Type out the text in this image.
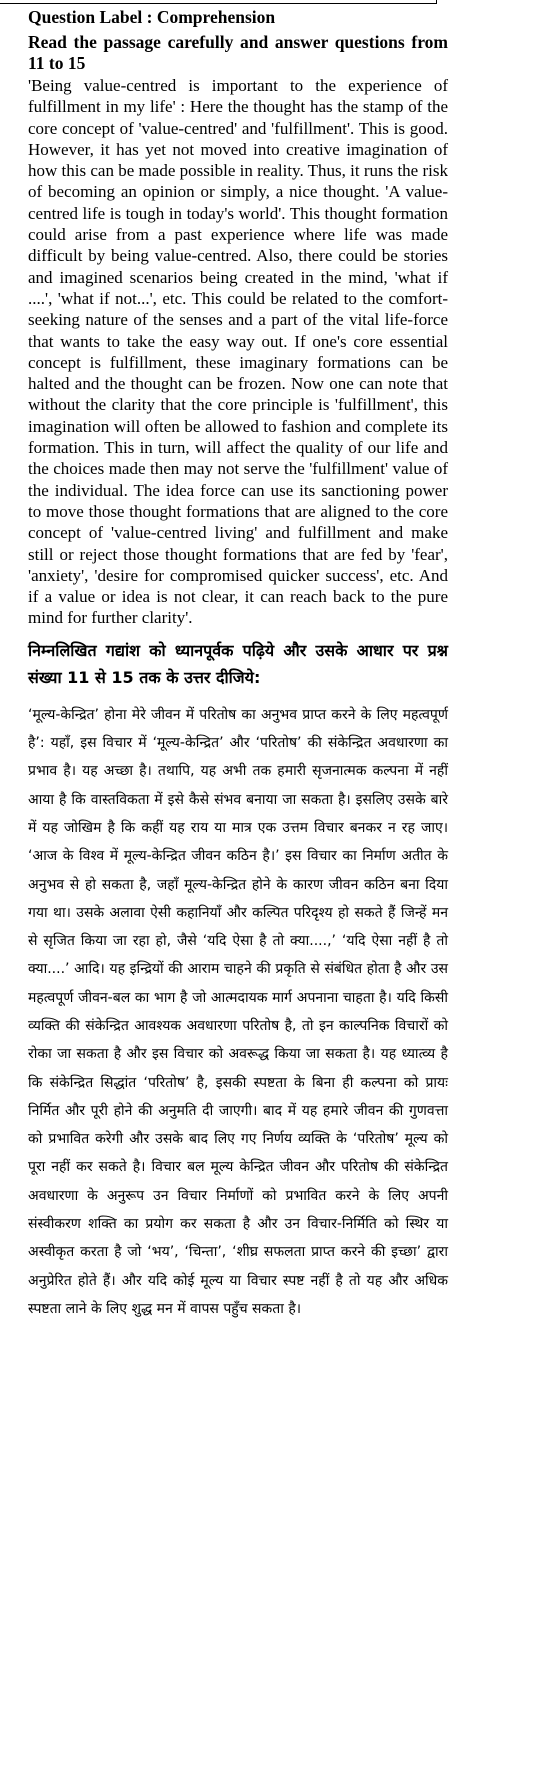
Question Label : Comprehension

Read the passage carefully and answer questions from 11 to 15

'Being value-centred is important to the experience of fulfillment in my life' : Here the thought has the stamp of the core concept of 'value-centred' and 'fulfillment'. This is good. However, it has yet not moved into creative imagination of how this can be made possible in reality. Thus, it runs the risk of becoming an opinion or simply, a nice thought. 'A value-centred life is tough in today's world'. This thought formation could arise from a past experience where life was made difficult by being value-centred. Also, there could be stories and imagined scenarios being created in the mind, 'what if ....', 'what if not...', etc. This could be related to the comfort-seeking nature of the senses and a part of the vital life-force that wants to take the easy way out. If one's core essential concept is fulfillment, these imaginary formations can be halted and the thought can be frozen. Now one can note that without the clarity that the core principle is 'fulfillment', this imagination will often be allowed to fashion and complete its formation. This in turn, will affect the quality of our life and the choices made then may not serve the 'fulfillment' value of the individual. The idea force can use its sanctioning power to move those thought formations that are aligned to the core concept of 'value-centred living' and fulfillment and make still or reject those thought formations that are fed by 'fear', 'anxiety', 'desire for compromised quicker success', etc. And if a value or idea is not clear, it can reach back to the pure mind for further clarity'.

निम्नलिखित गद्यांश को ध्यानपूर्वक पढ़िये और उसके आधार पर प्रश्न संख्या 11 से 15 तक के उत्तर दीजिये:

‘मूल्य-केन्द्रित’ होना मेरे जीवन में परितोष का अनुभव प्राप्त करने के लिए महत्वपूर्ण है’: यहाँ, इस विचार में ‘मूल्य-केन्द्रित’ और ‘परितोष’ की संकेन्द्रित अवधारणा का प्रभाव है। यह अच्छा है। तथापि, यह अभी तक हमारी सृजनात्मक कल्पना में नहीं आया है कि वास्तविकता में इसे कैसे संभव बनाया जा सकता है। इसलिए उसके बारे में यह जोखिम है कि कहीं यह राय या मात्र एक उत्तम विचार बनकर न रह जाए। ‘आज के विश्व में मूल्य-केन्द्रित जीवन कठिन है।’ इस विचार का निर्माण अतीत के अनुभव से हो सकता है, जहाँ मूल्य-केन्द्रित होने के कारण जीवन कठिन बना दिया गया था। उसके अलावा ऐसी कहानियाँ और कल्पित परिदृश्य हो सकते हैं जिन्हें मन से सृजित किया जा रहा हो, जैसे ‘यदि ऐसा है तो क्या....,’ ‘यदि ऐसा नहीं है तो क्या....’ आदि। यह इन्द्रियों की आराम चाहने की प्रकृति से संबंधित होता है और उस महत्वपूर्ण जीवन-बल का भाग है जो आत्मदायक मार्ग अपनाना चाहता है। यदि किसी व्यक्ति की संकेन्द्रित आवश्यक अवधारणा परितोष है, तो इन काल्पनिक विचारों को रोका जा सकता है और इस विचार को अवरूद्ध किया जा सकता है। यह ध्यात्व्य है कि संकेन्द्रित सिद्धांत ‘परितोष’ है, इसकी स्पष्टता के बिना ही कल्पना को प्रायः निर्मित और पूरी होने की अनुमति दी जाएगी। बाद में यह हमारे जीवन की गुणवत्ता को प्रभावित करेगी और उसके बाद लिए गए निर्णय व्यक्ति के ‘परितोष’ मूल्य को पूरा नहीं कर सकते है। विचार बल मूल्य केन्द्रित जीवन और परितोष की संकेन्द्रित अवधारणा के अनुरूप उन विचार निर्माणों को प्रभावित करने के लिए अपनी संस्वीकरण शक्ति का प्रयोग कर सकता है और उन विचार-निर्मिति को स्थिर या अस्वीकृत करता है जो ‘भय’, ‘चिन्ता’, ‘शीघ्र सफलता प्राप्त करने की इच्छा’ द्वारा अनुप्रेरित होते हैं। और यदि कोई मूल्य या विचार स्पष्ट नहीं है तो यह और अधिक स्पष्टता लाने के लिए शुद्ध मन में वापस पहुँच सकता है।
